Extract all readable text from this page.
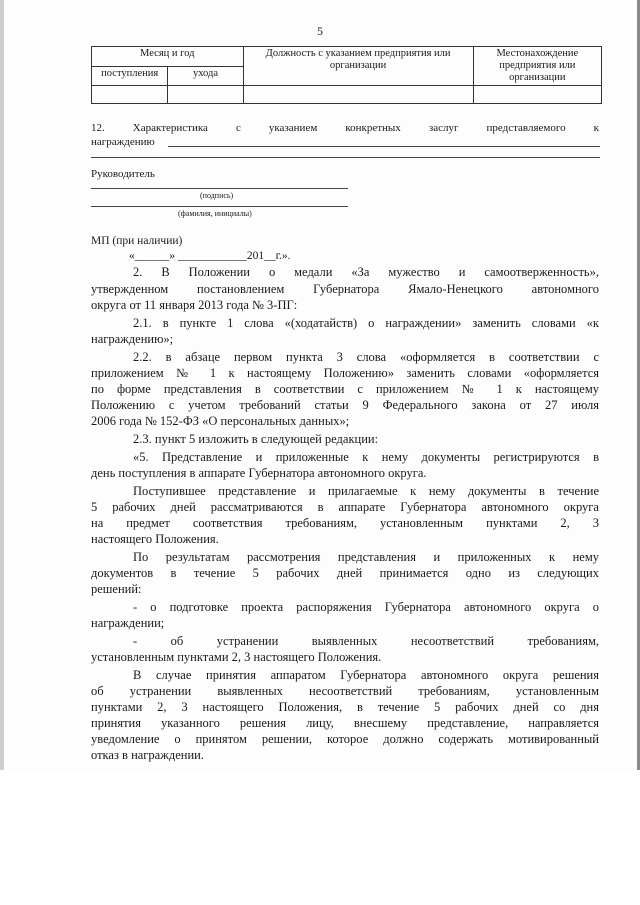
5
Месяц и год		Должность с указанием предприятия или организации	Местонахождение предприятия или организации
поступления	ухода		

12. Характеристика с указанием конкретных заслуг представляемого к
награждению
Руководитель
(подпись)
(фамилия, инициалы)
МП (при наличии)
«______» ____________201__г.».
2. В Положении о медали «За мужество и самоотверженность»,
утвержденном постановлением Губернатора Ямало-Ненецкого автономного
округа от 11 января 2013 года № 3-ПГ:
2.1. в пункте 1 слова «(ходатайств) о награждении» заменить словами «к
награждению»;
2.2. в абзаце первом пункта 3 слова «оформляется в соответствии с
приложением № 1 к настоящему Положению» заменить словами «оформляется
по форме представления в соответствии с приложением № 1 к настоящему
Положению с учетом требований статьи 9 Федерального закона от 27 июля
2006 года № 152-ФЗ «О персональных данных»;
2.3. пункт 5 изложить в следующей редакции:
«5. Представление и приложенные к нему документы регистрируются в
день поступления в аппарате Губернатора автономного округа.
Поступившее представление и прилагаемые к нему документы в течение
5 рабочих дней рассматриваются в аппарате Губернатора автономного округа
на предмет соответствия требованиям, установленным пунктами 2, 3
настоящего Положения.
По результатам рассмотрения представления и приложенных к нему
документов в течение 5 рабочих дней принимается одно из следующих
решений:
- о подготовке проекта распоряжения Губернатора автономного округа о
награждении;
- об устранении выявленных несоответствий требованиям,
установленным пунктами 2, 3 настоящего Положения.
В случае принятия аппаратом Губернатора автономного округа решения
об устранении выявленных несоответствий требованиям, установленным
пунктами 2, 3 настоящего Положения, в течение 5 рабочих дней со дня
принятия указанного решения лицу, внесшему представление, направляется
уведомление о принятом решении, которое должно содержать мотивированный
отказ в награждении.
